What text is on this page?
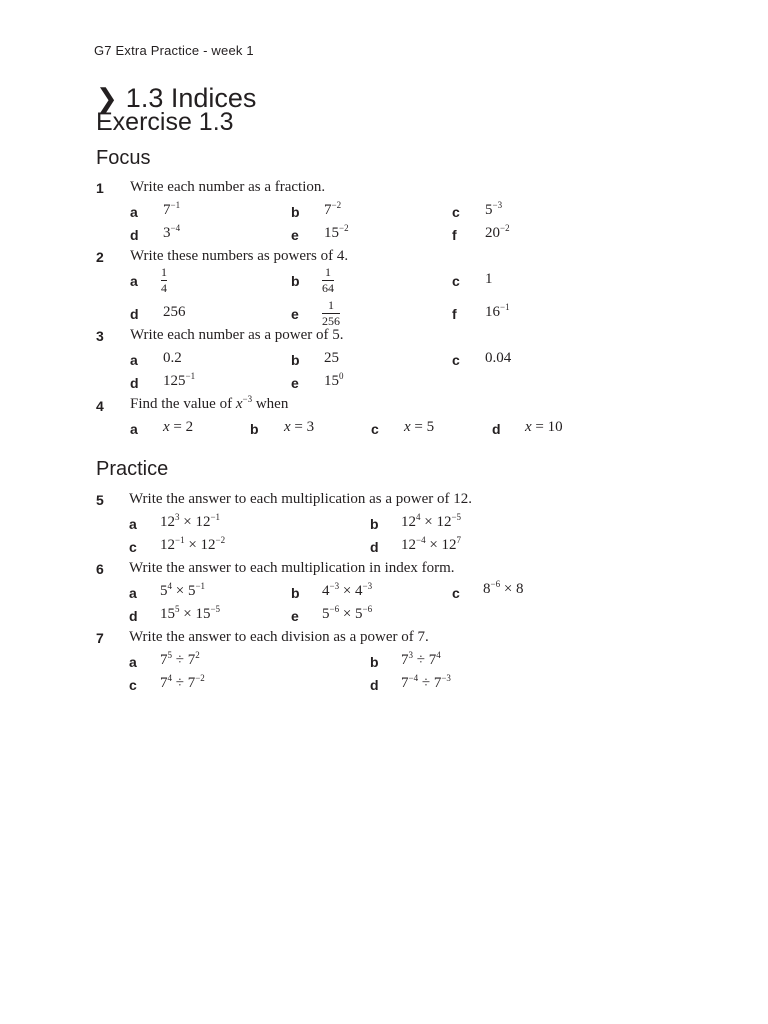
G7 Extra Practice - week 1
❯ 1.3 Indices
Exercise 1.3
Focus
1 Write each number as a fraction.
a $7^{-1}$	b $7^{-2}$	c $5^{-3}$
d $3^{-4}$	e $15^{-2}$	f $20^{-2}$
2 Write these numbers as powers of 4.
a
1
4	b
1
64	c 1
d 256	e
1
256	f $16^{-1}$
3 Write each number as a power of 5.
a 0.2	b 25	c 0.04
d $125^{-1}$	e $15^0$
4 Find the value of $x^{-3}$ when
a x = 2	b x = 3	c x = 5	d x = 10
Practice
5 Write the answer to each multiplication as a power of 12.
a $12^3 \times 12^{-1}$	b $12^4 \times 12^{-5}$
c $12^{-1} \times 12^{-2}$	d $12^{-4} \times 12^7$
6 Write the answer to each multiplication in index form.
a $5^4 \times 5^{-1}$	b $4^{-3} \times 4^{-3}$	c $8^{-6} \times 8$
d $15^5 \times 15^{-5}$	e $5^{-6} \times 5^{-6}$
7 Write the answer to each division as a power of 7.
a $7^5 \div 7^2$	b $7^3 \div 7^4$
c $7^4 \div 7^{-2}$	d $7^{-4} \div 7^{-3}$
